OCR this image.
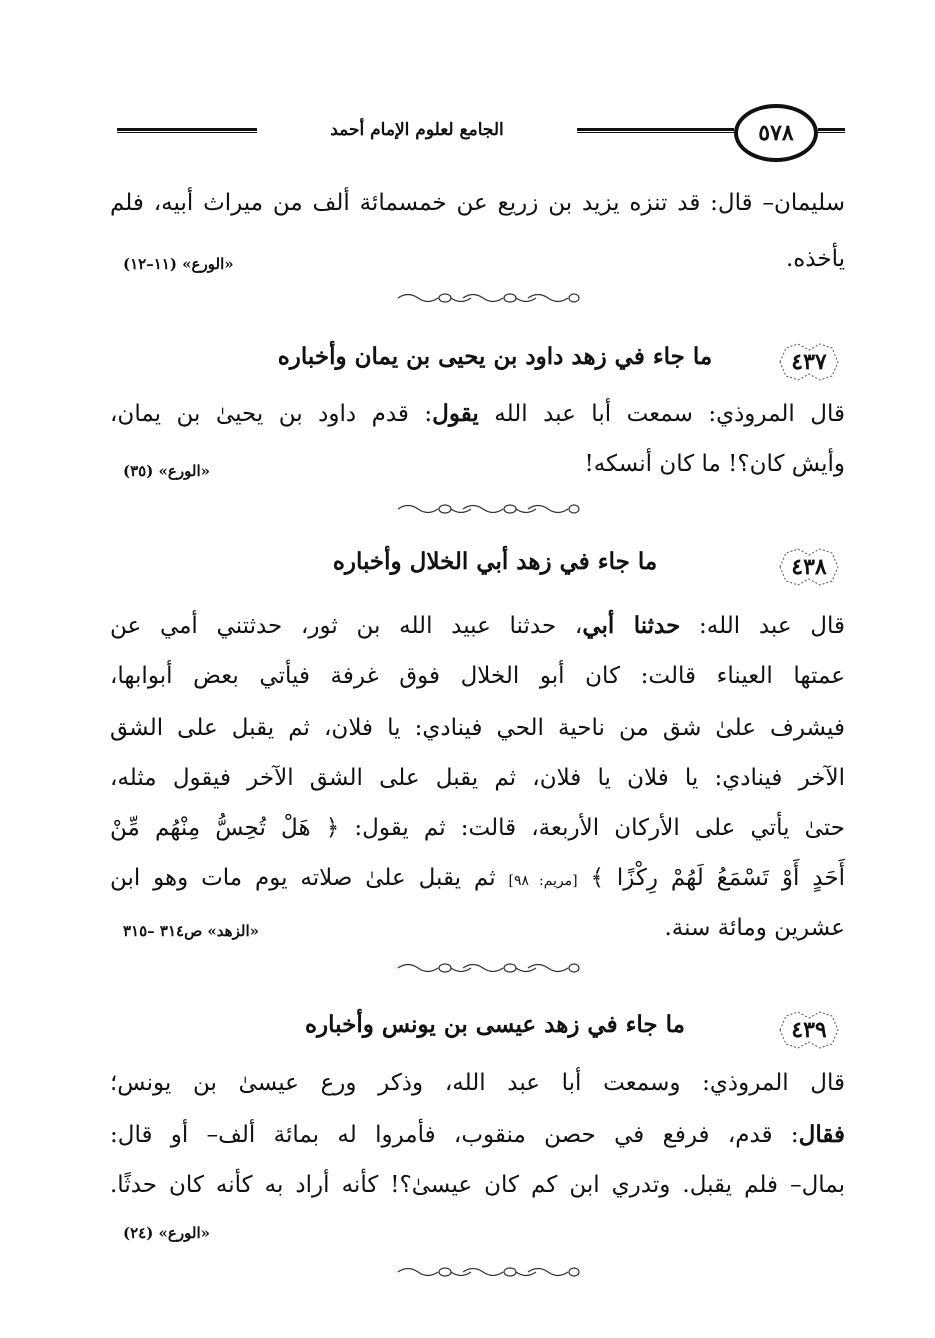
الجامع لعلوم الإمام أحمد	٥٧٨
سليمان– قال: قد تنزه يزيد بن زريع عن خمسمائة ألف من ميراث أبيه، فلم
يأخذه.
«الورع» (١١–١٢)
٤٣٧
ما جاء في زهد داود بن يحيى بن يمان وأخباره
قال المروذي: سمعت أبا عبد الله يقول: قدم داود بن يحيىٰ بن يمان،
وأيش كان؟! ما كان أنسكه!
«الورع» (٣٥)
٤٣٨
ما جاء في زهد أبي الخلال وأخباره
قال عبد الله: حدثنا أبي، حدثنا عبيد الله بن ثور، حدثتني أمي عن
عمتها العيناء قالت: كان أبو الخلال فوق غرفة فيأتي بعض أبوابها،
فيشرف علىٰ شق من ناحية الحي فينادي: يا فلان، ثم يقبل على الشق
الآخر فينادي: يا فلان يا فلان، ثم يقبل على الشق الآخر فيقول مثله،
حتىٰ يأتي على الأركان الأربعة، قالت: ثم يقول: ﴿ هَلْ تُحِسُّ مِنْهُم مِّنْ
أَحَدٍ أَوْ تَسْمَعُ لَهُمْ رِكْزًا ﴾ [مريم: ٩٨] ثم يقبل علىٰ صلاته يوم مات وهو ابن
عشرين ومائة سنة.
«الزهد» ص٣١٤ –٣١٥
٤٣٩
ما جاء في زهد عيسى بن يونس وأخباره
قال المروذي: وسمعت أبا عبد الله، وذكر ورع عيسىٰ بن يونس؛
فقال: قدم، فرفع في حصن منقوب، فأمروا له بمائة ألف– أو قال:
بمال– فلم يقبل. وتدري ابن كم كان عيسىٰ؟! كأنه أراد به كأنه كان حدثًا.
«الورع» (٢٤)
